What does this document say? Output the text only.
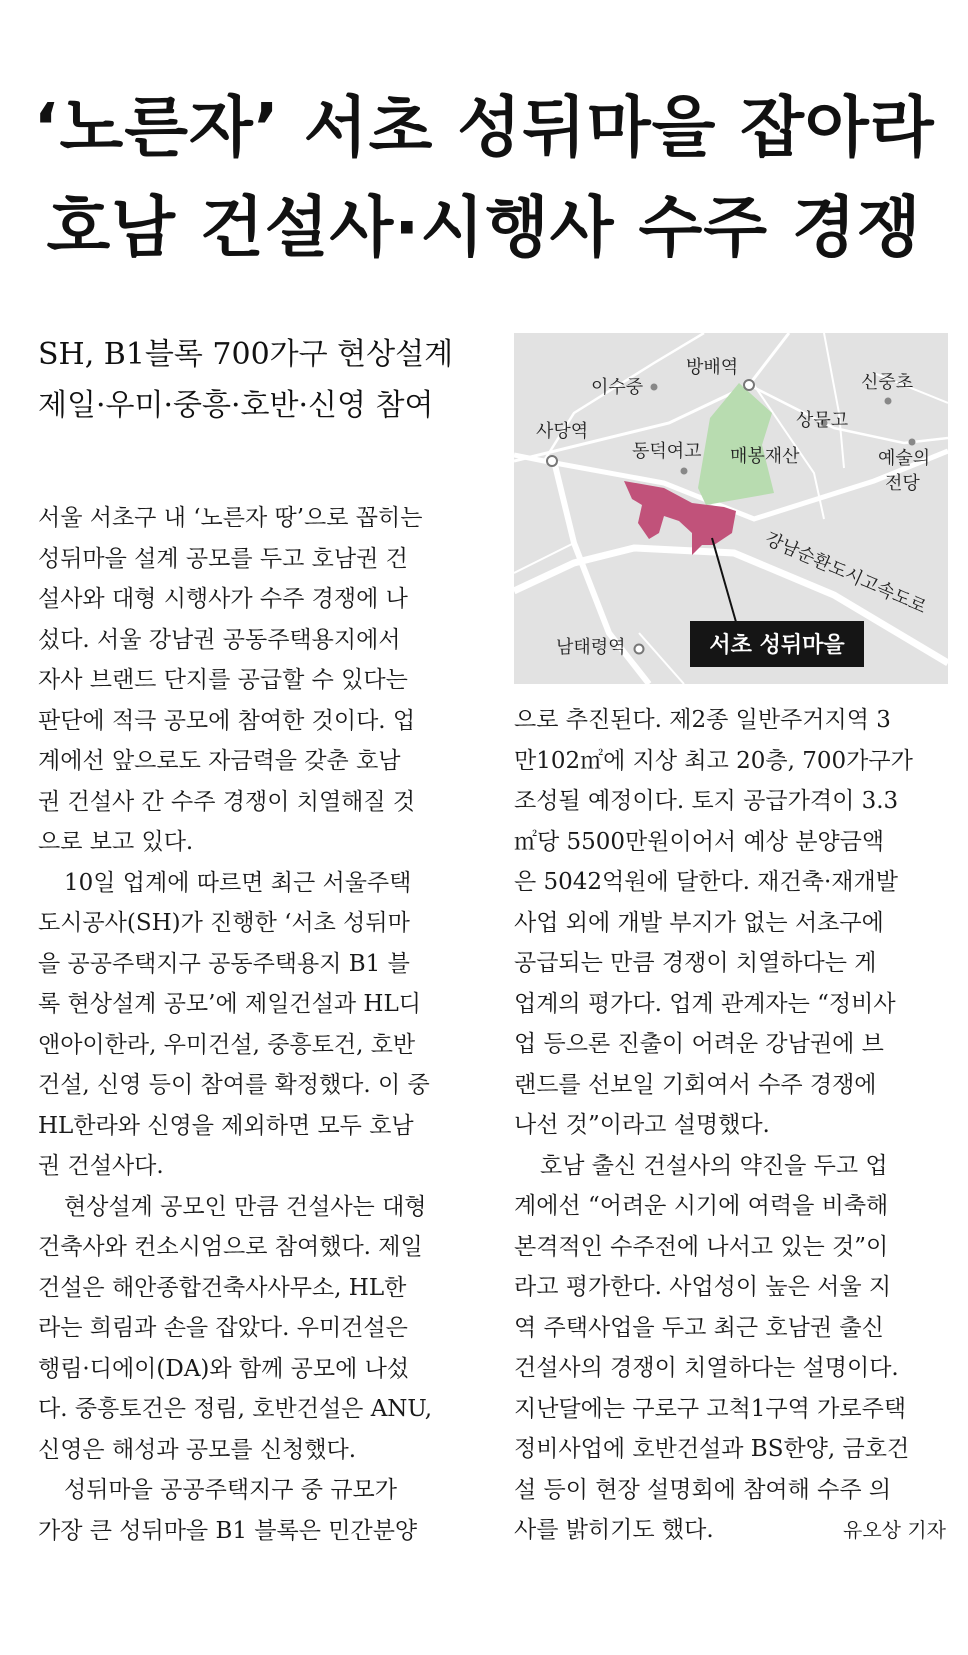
‘노른자’ 서초 성뒤마을 잡아라
호남 건설사·시행사 수주 경쟁
SH, B1블록 700가구 현상설계
제일·우미·중흥·호반·신영 참여

서울 서초구 내 ‘노른자 땅’으로 꼽히는
성뒤마을 설계 공모를 두고 호남권 건
설사와 대형 시행사가 수주 경쟁에 나
섰다. 서울 강남권 공동주택용지에서
자사 브랜드 단지를 공급할 수 있다는
판단에 적극 공모에 참여한 것이다. 업
계에선 앞으로도 자금력을 갖춘 호남
권 건설사 간 수주 경쟁이 치열해질 것
으로 보고 있다.

10일 업계에 따르면 최근 서울주택
도시공사(SH)가 진행한 ‘서초 성뒤마
을 공공주택지구 공동주택용지 B1 블
록 현상설계 공모’에 제일건설과 HL디
앤아이한라, 우미건설, 중흥토건, 호반
건설, 신영 등이 참여를 확정했다. 이 중
HL한라와 신영을 제외하면 모두 호남
권 건설사다.

현상설계 공모인 만큼 건설사는 대형
건축사와 컨소시엄으로 참여했다. 제일
건설은 해안종합건축사사무소, HL한
라는 희림과 손을 잡았다. 우미건설은
행림·디에이(DA)와 함께 공모에 나섰
다. 중흥토건은 정림, 호반건설은 ANU,
신영은 해성과 공모를 신청했다.

성뒤마을 공공주택지구 중 규모가
가장 큰 성뒤마을 B1 블록은 민간분양

방배역
이수중
사당역
신중초
상문고
동덕여고 매봉재산	예술의
전당
남태령역
강남순환도시고속도로
서초 성뒤마을

으로 추진된다. 제2종 일반주거지역 3
만102㎡에 지상 최고 20층, 700가구가
조성될 예정이다. 토지 공급가격이 3.3
㎡당 5500만원이어서 예상 분양금액
은 5042억원에 달한다. 재건축·재개발
사업 외에 개발 부지가 없는 서초구에
공급되는 만큼 경쟁이 치열하다는 게
업계의 평가다. 업계 관계자는 “정비사
업 등으론 진출이 어려운 강남권에 브
랜드를 선보일 기회여서 수주 경쟁에
나선 것”이라고 설명했다.

호남 출신 건설사의 약진을 두고 업
계에선 “어려운 시기에 여력을 비축해
본격적인 수주전에 나서고 있는 것”이
라고 평가한다. 사업성이 높은 서울 지
역 주택사업을 두고 최근 호남권 출신
건설사의 경쟁이 치열하다는 설명이다.
지난달에는 구로구 고척1구역 가로주택
정비사업에 호반건설과 BS한양, 금호건
설 등이 현장 설명회에 참여해 수주 의
사를 밝히기도 했다.	유오상 기자
